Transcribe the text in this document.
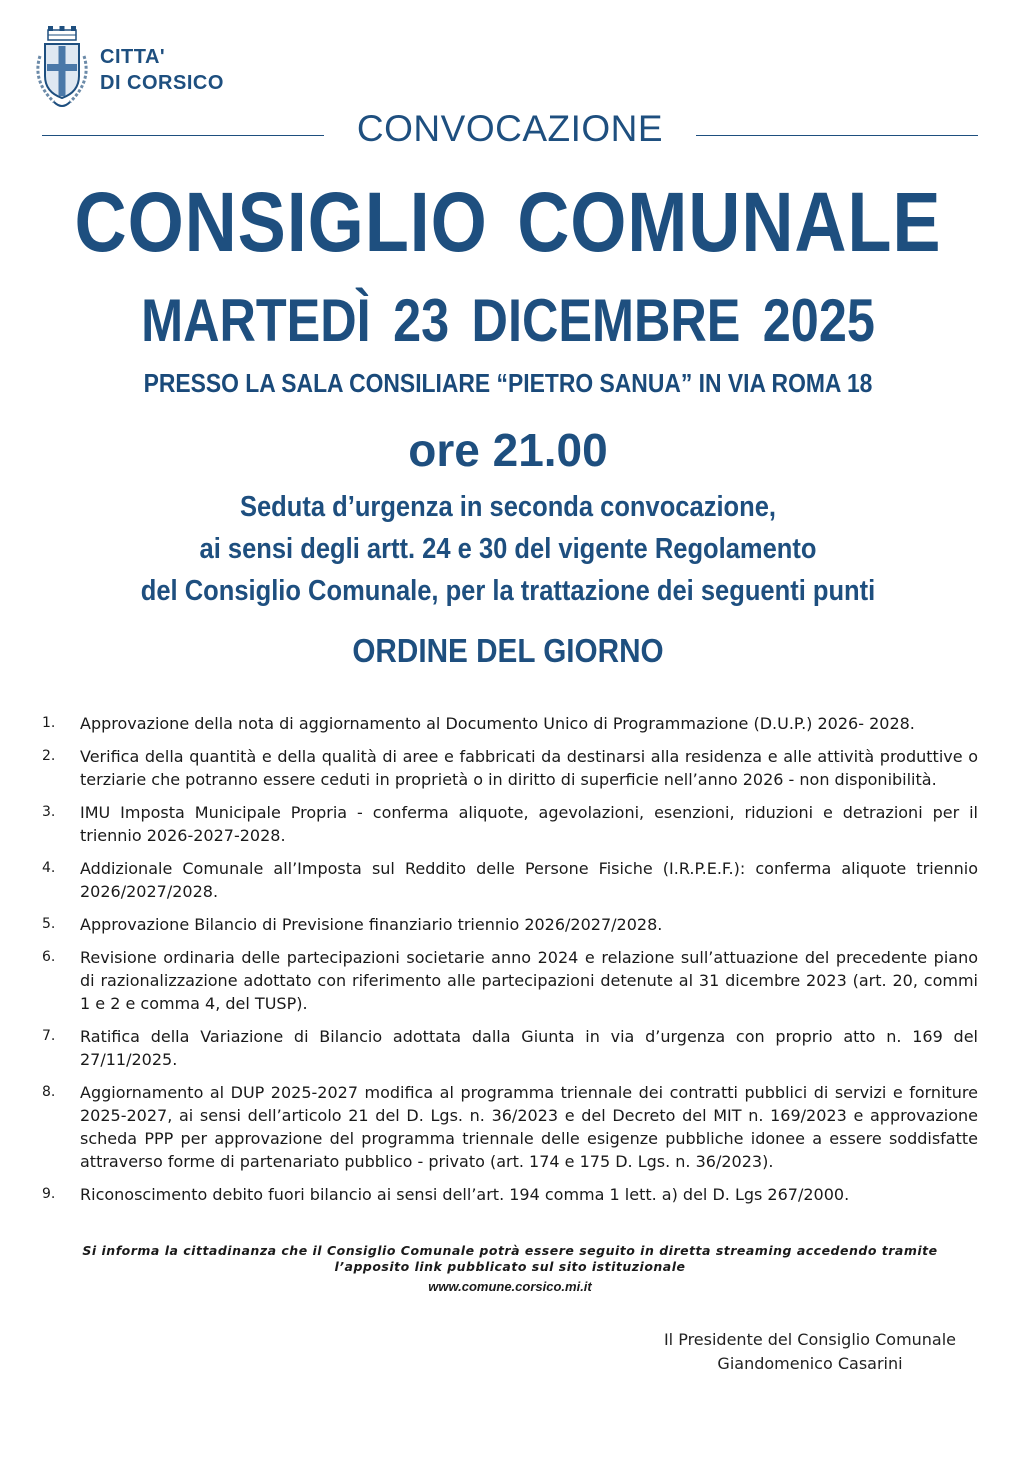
CITTA'
DI CORSICO
CONVOCAZIONE
CONSIGLIO COMUNALE
MARTEDÌ 23 DICEMBRE 2025
PRESSO LA SALA CONSILIARE “PIETRO SANUA” IN VIA ROMA 18
ore 21.00
Seduta d’urgenza in seconda convocazione,
ai sensi degli artt. 24 e 30 del vigente Regolamento
del Consiglio Comunale, per la trattazione dei seguenti punti
ORDINE DEL GIORNO
1.	Approvazione della nota di aggiornamento al Documento Unico di Programmazione (D.U.P.) 2026- 2028.
2.	Verifica della quantità e della qualità di aree e fabbricati da destinarsi alla residenza e alle attività produttive o terziarie che potranno essere ceduti in proprietà o in diritto di superficie nell’anno 2026 - non disponibilità.
3.	IMU Imposta Municipale Propria - conferma aliquote, agevolazioni, esenzioni, riduzioni e detrazioni per il triennio 2026-2027-2028.
4.	Addizionale Comunale all’Imposta sul Reddito delle Persone Fisiche (I.R.P.E.F.): conferma aliquote triennio 2026/2027/2028.
5.	Approvazione Bilancio di Previsione finanziario triennio 2026/2027/2028.
6.	Revisione ordinaria delle partecipazioni societarie anno 2024 e relazione sull’attuazione del precedente piano di razionalizzazione adottato con riferimento alle partecipazioni detenute al 31 dicembre 2023 (art. 20, commi 1 e 2 e comma 4, del TUSP).
7.	Ratifica della Variazione di Bilancio adottata dalla Giunta in via d’urgenza con proprio atto n. 169 del 27/11/2025.
8.	Aggiornamento al DUP 2025-2027 modifica al programma triennale dei contratti pubblici di servizi e forniture 2025-2027, ai sensi dell’articolo 21 del D. Lgs. n. 36/2023 e del Decreto del MIT n. 169/2023 e approvazione scheda PPP per approvazione del programma triennale delle esigenze pubbliche idonee a essere soddisfatte attraverso forme di partenariato pubblico - privato (art. 174 e 175 D. Lgs. n. 36/2023).
9.	Riconoscimento debito fuori bilancio ai sensi dell’art. 194 comma 1 lett. a) del D. Lgs 267/2000.
Si informa la cittadinanza che il Consiglio Comunale potrà essere seguito in diretta streaming accedendo tramite
l’apposito link pubblicato sul sito istituzionale
www.comune.corsico.mi.it
Il Presidente del Consiglio Comunale
Giandomenico Casarini
